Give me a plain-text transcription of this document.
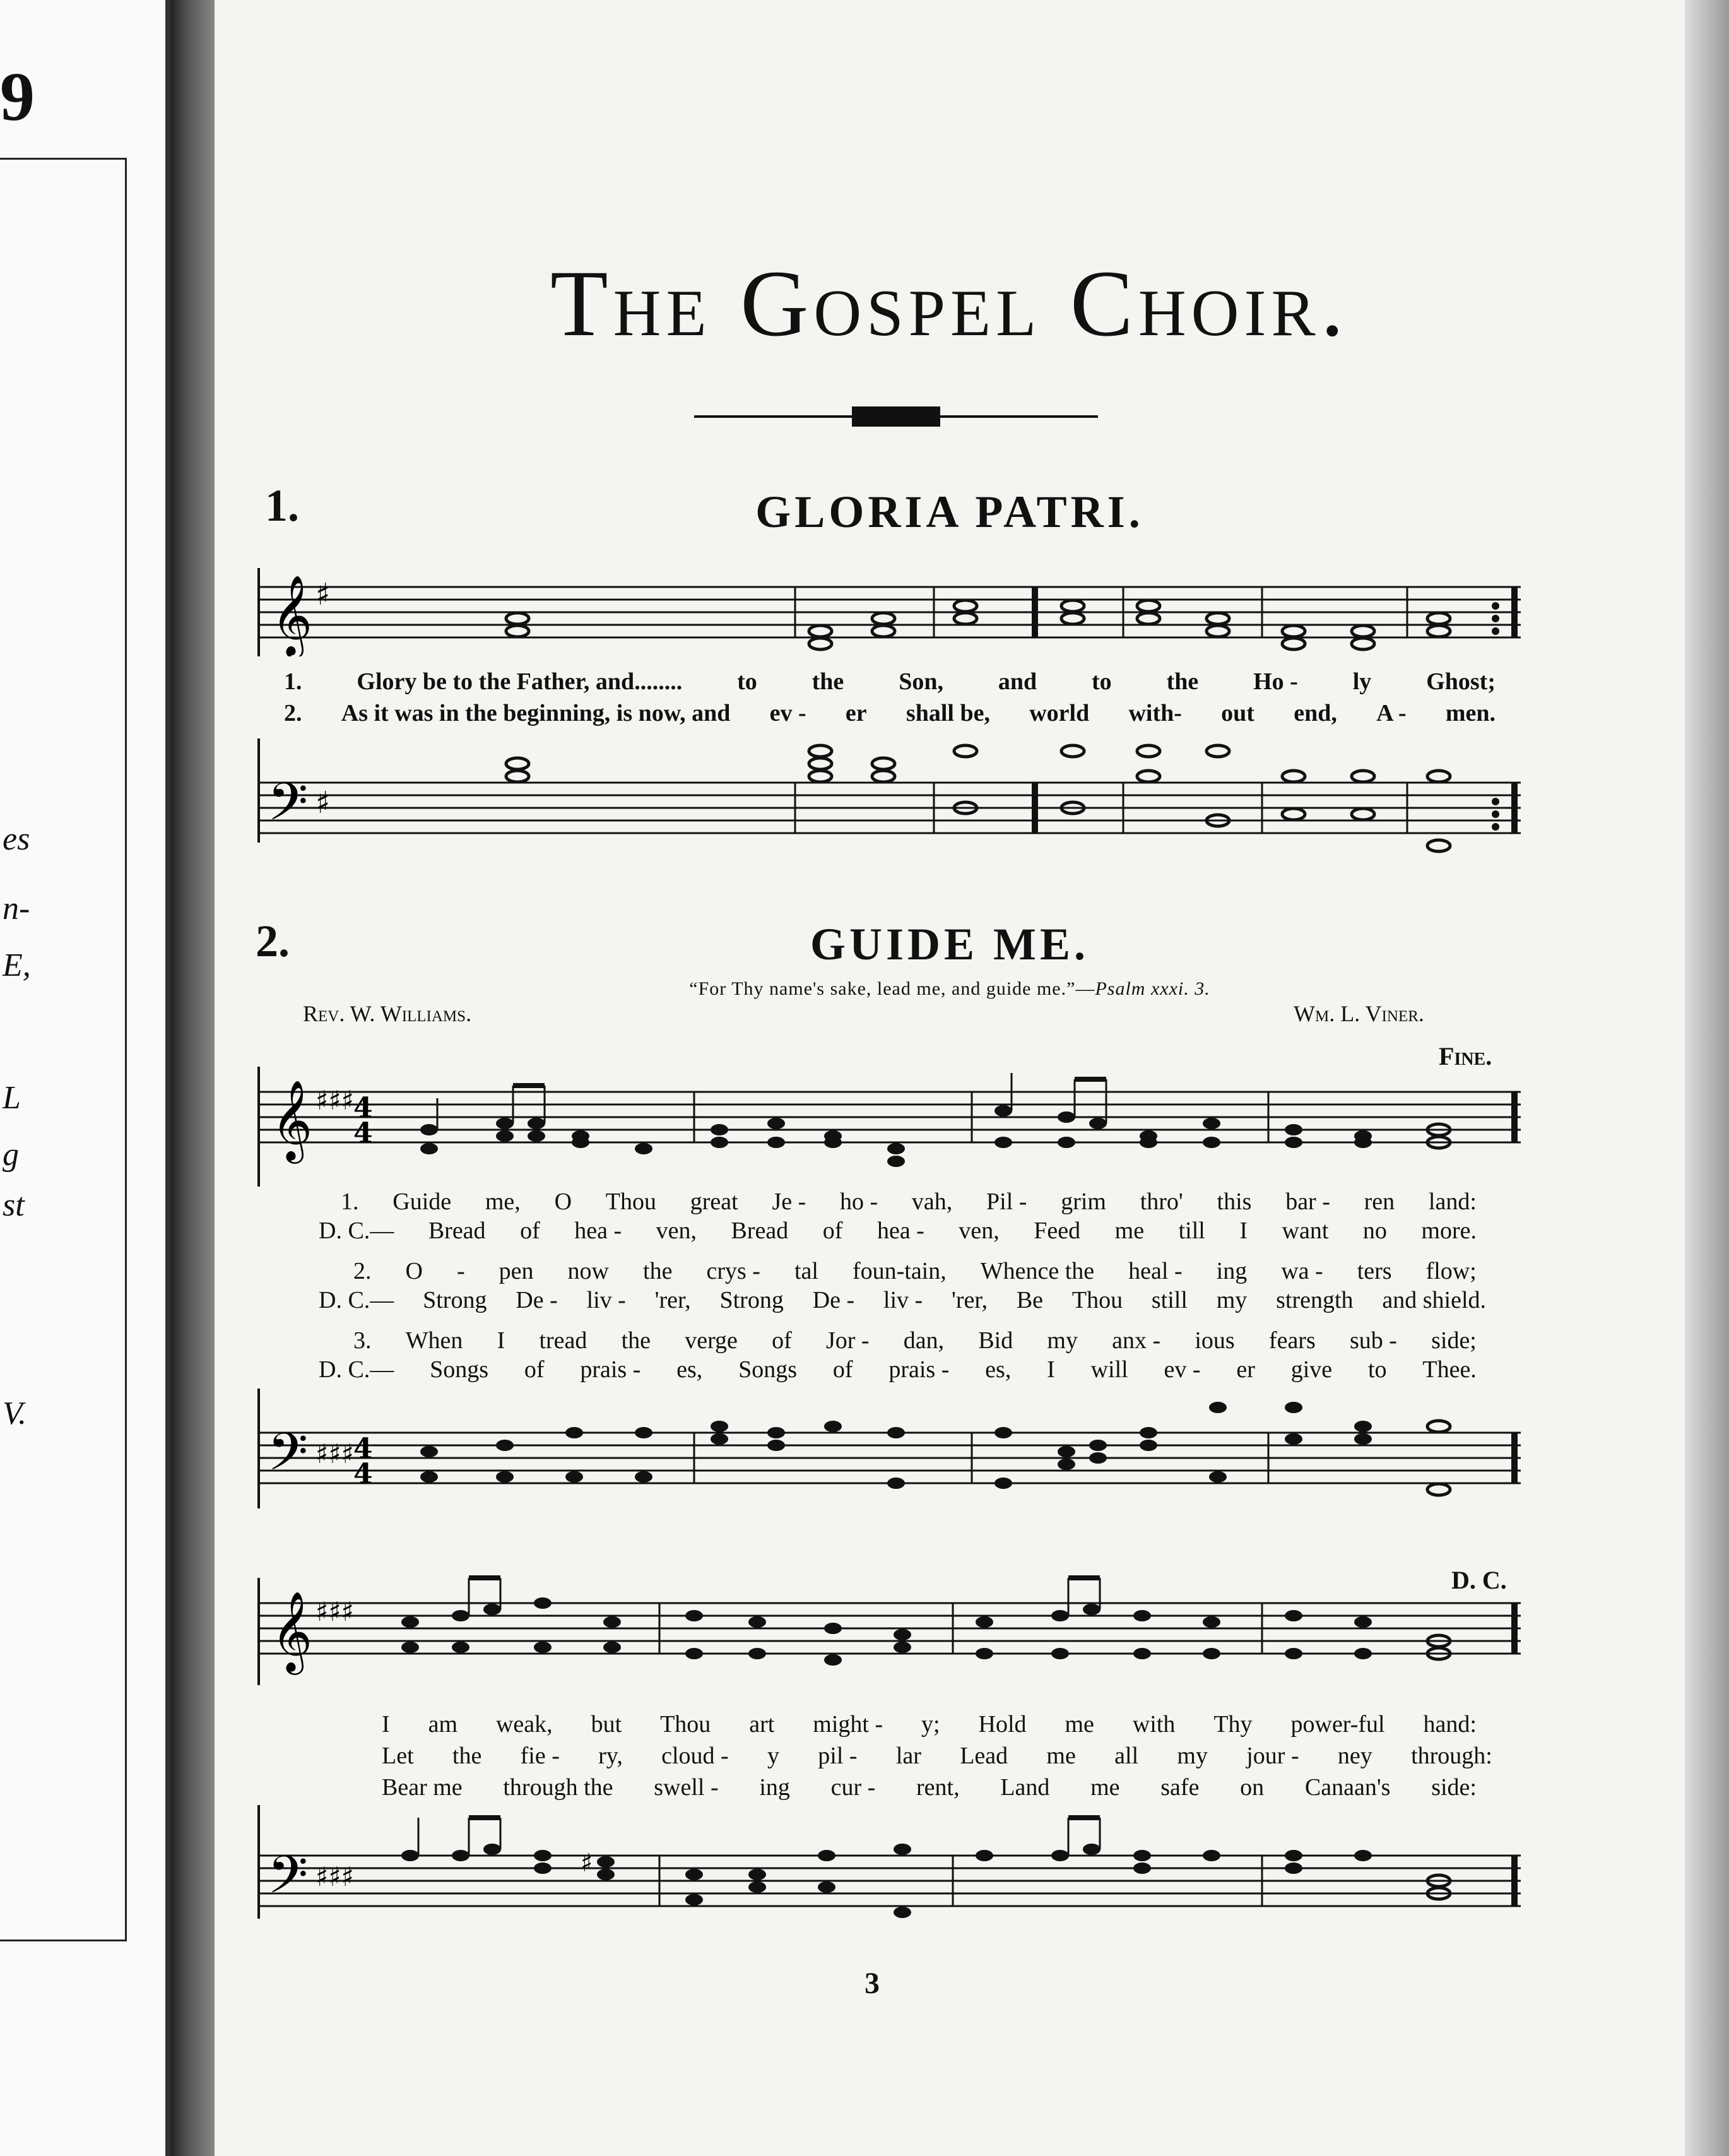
9
es
n-
E,
L
g
st
V.
The Gospel Choir.
1.	GLORIA PATRI.
𝄞 ♯
1. Glory be to the Father, and........ to the Son, and to the Ho - ly Ghost;
2. As it was in the beginning, is now, and ev - er shall be, world with- out end, A - men.
𝄢 ♯
2.	GUIDE ME.
“For Thy name's sake, lead me, and guide me.”—Psalm xxxi. 3.
Rev. W. Williams.	Wm. L. Viner.
Fine.
𝄞 ♯♯♯ 4
4
1. Guide me, O Thou great Je - ho - vah, Pil - grim thro' this bar - ren land:
D. C.— Bread of hea - ven, Bread of hea - ven, Feed me till I want no more.
2. O - pen now the crys - tal foun-tain, Whence the heal - ing wa - ters flow;
D. C.— Strong De - liv - 'rer, Strong De - liv - 'rer, Be Thou still my strength and shield.
3. When I tread the verge of Jor - dan, Bid my anx - ious fears sub - side;
D. C.— Songs of prais - es, Songs of prais - es, I will ev - er give to Thee.
𝄢 ♯♯♯ 4
4
D. C.
𝄞 ♯♯♯
I am weak, but Thou art might - y; Hold me with Thy power-ful hand:
Let the fie - ry, cloud - y pil - lar Lead me all my jour - ney through:
Bear me through the swell - ing cur - rent, Land me safe on Canaan's side:
𝄢 ♯♯♯	♯
3
